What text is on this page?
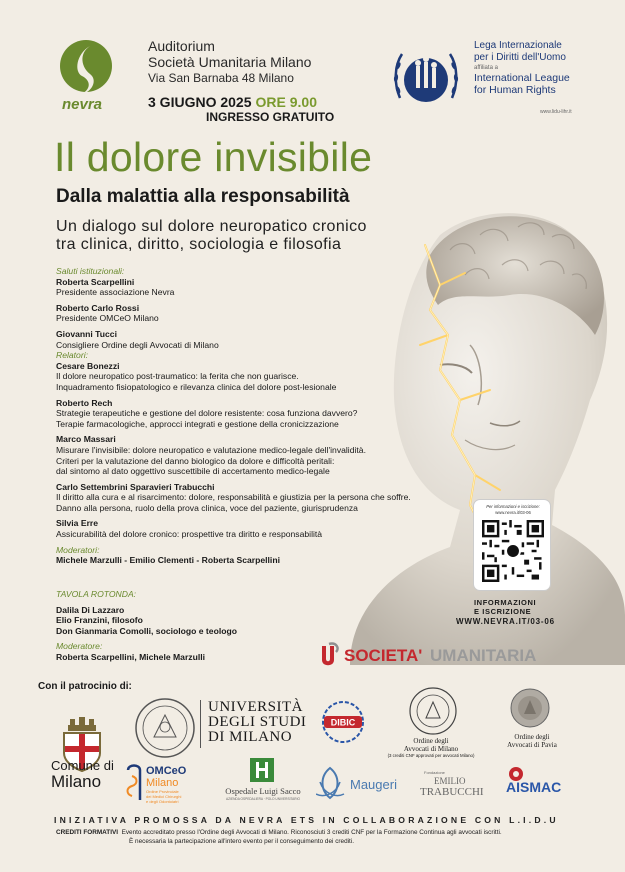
nevra
Auditorium
Società Umanitaria Milano
Via San Barnaba 48 Milano
3 GIUGNO 2025 ORE 9.00
INGRESSO GRATUITO
Lega Internazionale
per i Diritti dell'Uomo
affiliata a
International League
for Human Rights
www.lidu-lihr.it
Il dolore invisibile
Dalla malattia alla responsabilità
Un dialogo sul dolore neuropatico cronico
tra clinica, diritto, sociologia e filosofia
Saluti istituzionali:
Roberta Scarpellini
Presidente associazione Nevra
Roberto Carlo Rossi
Presidente OMCeO Milano
Giovanni Tucci
Consigliere Ordine degli Avvocati di Milano
Relatori:
Cesare Bonezzi
Il dolore neuropatico post-traumatico: la ferita che non guarisce.
Inquadramento fisiopatologico e rilevanza clinica del dolore post-lesionale
Roberto Rech
Strategie terapeutiche e gestione del dolore resistente: cosa funziona davvero?
Terapie farmacologiche, approcci integrati e gestione della cronicizzazione
Marco Massari
Misurare l'invisibile: dolore neuropatico e valutazione medico-legale dell'invalidità.
Criteri per la valutazione del danno biologico da dolore e difficoltà peritali:
dal sintomo al dato oggettivo suscettibile di accertamento medico-legale
Carlo Settembrini Sparavieri Trabucchi
Il diritto alla cura e al risarcimento: dolore, responsabilità e giustizia per la persona che soffre.
Danno alla persona, ruolo della prova clinica, voce del paziente, giurisprudenza
Silvia Erre
Assicurabilità del dolore cronico: prospettive tra diritto e responsabilità
Moderatori:
Michele Marzulli - Emilio Clementi - Roberta Scarpellini
TAVOLA ROTONDA:
Dalila Di Lazzaro
Elio Franzini, filosofo
Don Gianmaria Comolli, sociologo e teologo
Moderatore:
Roberta Scarpellini, Michele Marzulli
Per informazioni e iscrizione:
www.nevra.it/03-06
INFORMAZIONI
E ISCRIZIONE
WWW.NEVRA.IT/03-06
SOCIETA' UMANITARIA
Con il patrocinio di:
Comune di
Milano
UNIVERSITÀ
DEGLI STUDI
DI MILANO
DIBIC
Ordine degli
Avvocati di Milano
(3 crediti CNF approvati per avvocati Milano)
Ordine degli
Avvocati di Pavia
OMCeO
Milano
Ordine Provinciale
dei Medici Chirurghi
e degli Odontoiatri
Ospedale Luigi Sacco
AZIENDA OSPEDALIERA · POLO UNIVERSITARIO
Maugeri
Fondazione
EMILIO
TRABUCCHI AISMAC
INIZIATIVA PROMOSSA DA NEVRA ETS IN COLLABORAZIONE CON L.I.D.U
CREDITI FORMATIVI Evento accreditato presso l'Ordine degli Avvocati di Milano. Riconosciuti 3 crediti CNF per la Formazione Continua agli avvocati iscritti.
È necessaria la partecipazione all'intero evento per il conseguimento dei crediti.
